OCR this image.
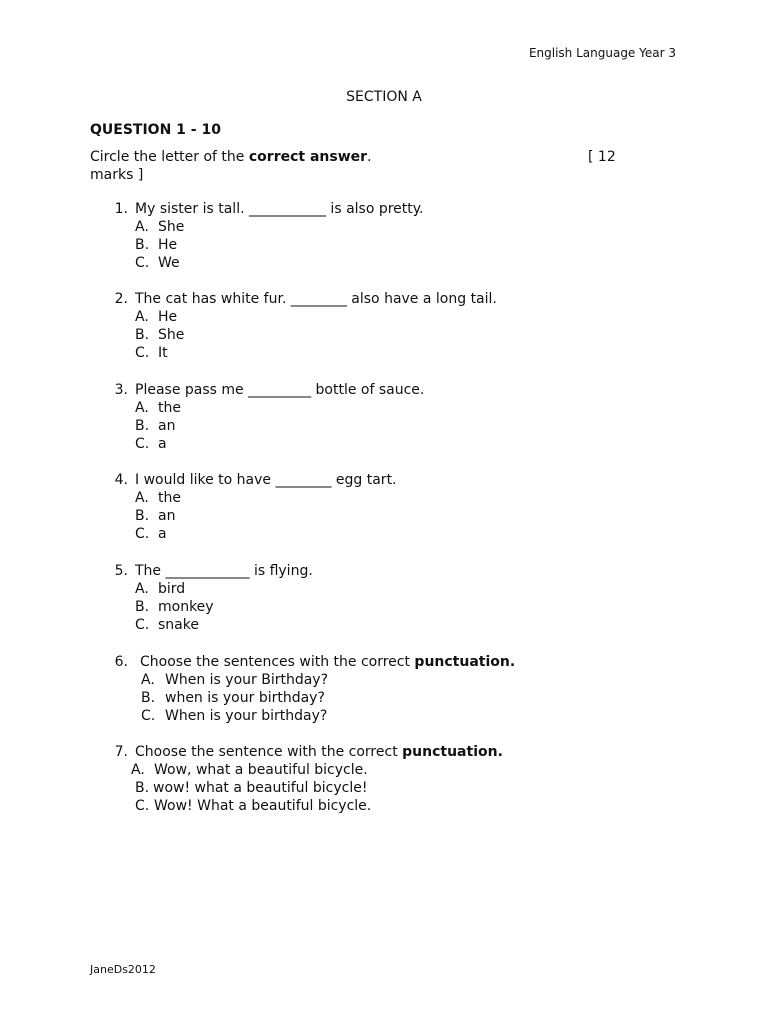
English Language Year 3

SECTION A

QUESTION 1 - 10

Circle the letter of the correct answer.	[ 12
marks ]
1. My sister is tall. ___________ is also pretty.
A. She
B. He
C. We
2. The cat has white fur. ________ also have a long tail.
A. He
B. She
C. It
3. Please pass me _________ bottle of sauce.
A. the
B. an
C. a
4. I would like to have ________ egg tart.
A. the
B. an
C. a
5. The ____________ is flying.
A. bird
B. monkey
C. snake
6. Choose the sentences with the correct punctuation.
A. When is your Birthday?
B. when is your birthday?
C. When is your birthday?
7. Choose the sentence with the correct punctuation.
A. Wow, what a beautiful bicycle.
B. wow! what a beautiful bicycle!
C. Wow! What a beautiful bicycle.
JaneDs2012
